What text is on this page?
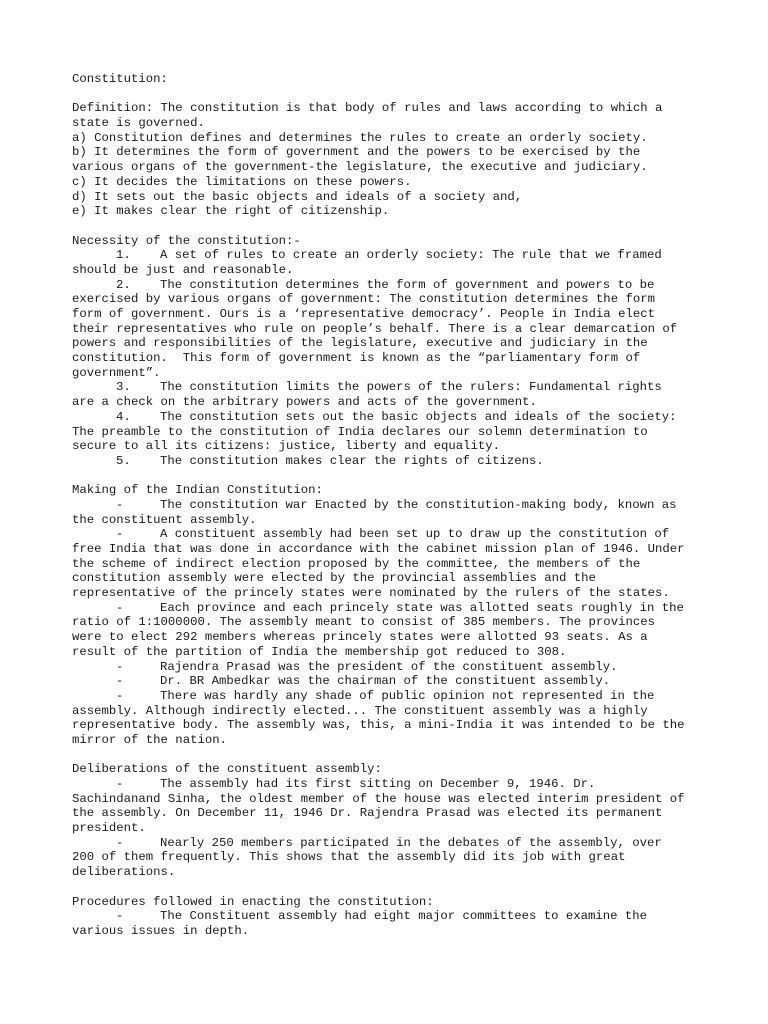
Constitution:
Definition: The constitution is that body of rules and laws according to which a
state is governed.
a) Constitution defines and determines the rules to create an orderly society.
b) It determines the form of government and the powers to be exercised by the
various organs of the government-the legislature, the executive and judiciary.
c) It decides the limitations on these powers.
d) It sets out the basic objects and ideals of a society and,
e) It makes clear the right of citizenship.
Necessity of the constitution:-
1. A set of rules to create an orderly society: The rule that we framed
should be just and reasonable.
2. The constitution determines the form of government and powers to be
exercised by various organs of government: The constitution determines the form
form of government. Ours is a ‘representative democracy’. People in India elect
their representatives who rule on people’s behalf. There is a clear demarcation of
powers and responsibilities of the legislature, executive and judiciary in the
constitution.  This form of government is known as the “parliamentary form of
government”.
3. The constitution limits the powers of the rulers: Fundamental rights
are a check on the arbitrary powers and acts of the government.
4. The constitution sets out the basic objects and ideals of the society:
The preamble to the constitution of India declares our solemn determination to
secure to all its citizens: justice, liberty and equality.
5. The constitution makes clear the rights of citizens.
Making of the Indian Constitution:
-	The constitution war Enacted by the constitution-making body, known as
the constituent assembly.
-	A constituent assembly had been set up to draw up the constitution of
free India that was done in accordance with the cabinet mission plan of 1946. Under
the scheme of indirect election proposed by the committee, the members of the
constitution assembly were elected by the provincial assemblies and the
representative of the princely states were nominated by the rulers of the states.
-	Each province and each princely state was allotted seats roughly in the
ratio of 1:1000000. The assembly meant to consist of 385 members. The provinces
were to elect 292 members whereas princely states were allotted 93 seats. As a
result of the partition of India the membership got reduced to 308.
-	Rajendra Prasad was the president of the constituent assembly.
-	Dr. BR Ambedkar was the chairman of the constituent assembly.
-	There was hardly any shade of public opinion not represented in the
assembly. Although indirectly elected... The constituent assembly was a highly
representative body. The assembly was, this, a mini-India it was intended to be the
mirror of the nation.
Deliberations of the constituent assembly:
-	The assembly had its first sitting on December 9, 1946. Dr.
Sachindanand Sinha, the oldest member of the house was elected interim president of
the assembly. On December 11, 1946 Dr. Rajendra Prasad was elected its permanent
president.
-	Nearly 250 members participated in the debates of the assembly, over
200 of them frequently. This shows that the assembly did its job with great
deliberations.
Procedures followed in enacting the constitution:
-	The Constituent assembly had eight major committees to examine the
various issues in depth.
